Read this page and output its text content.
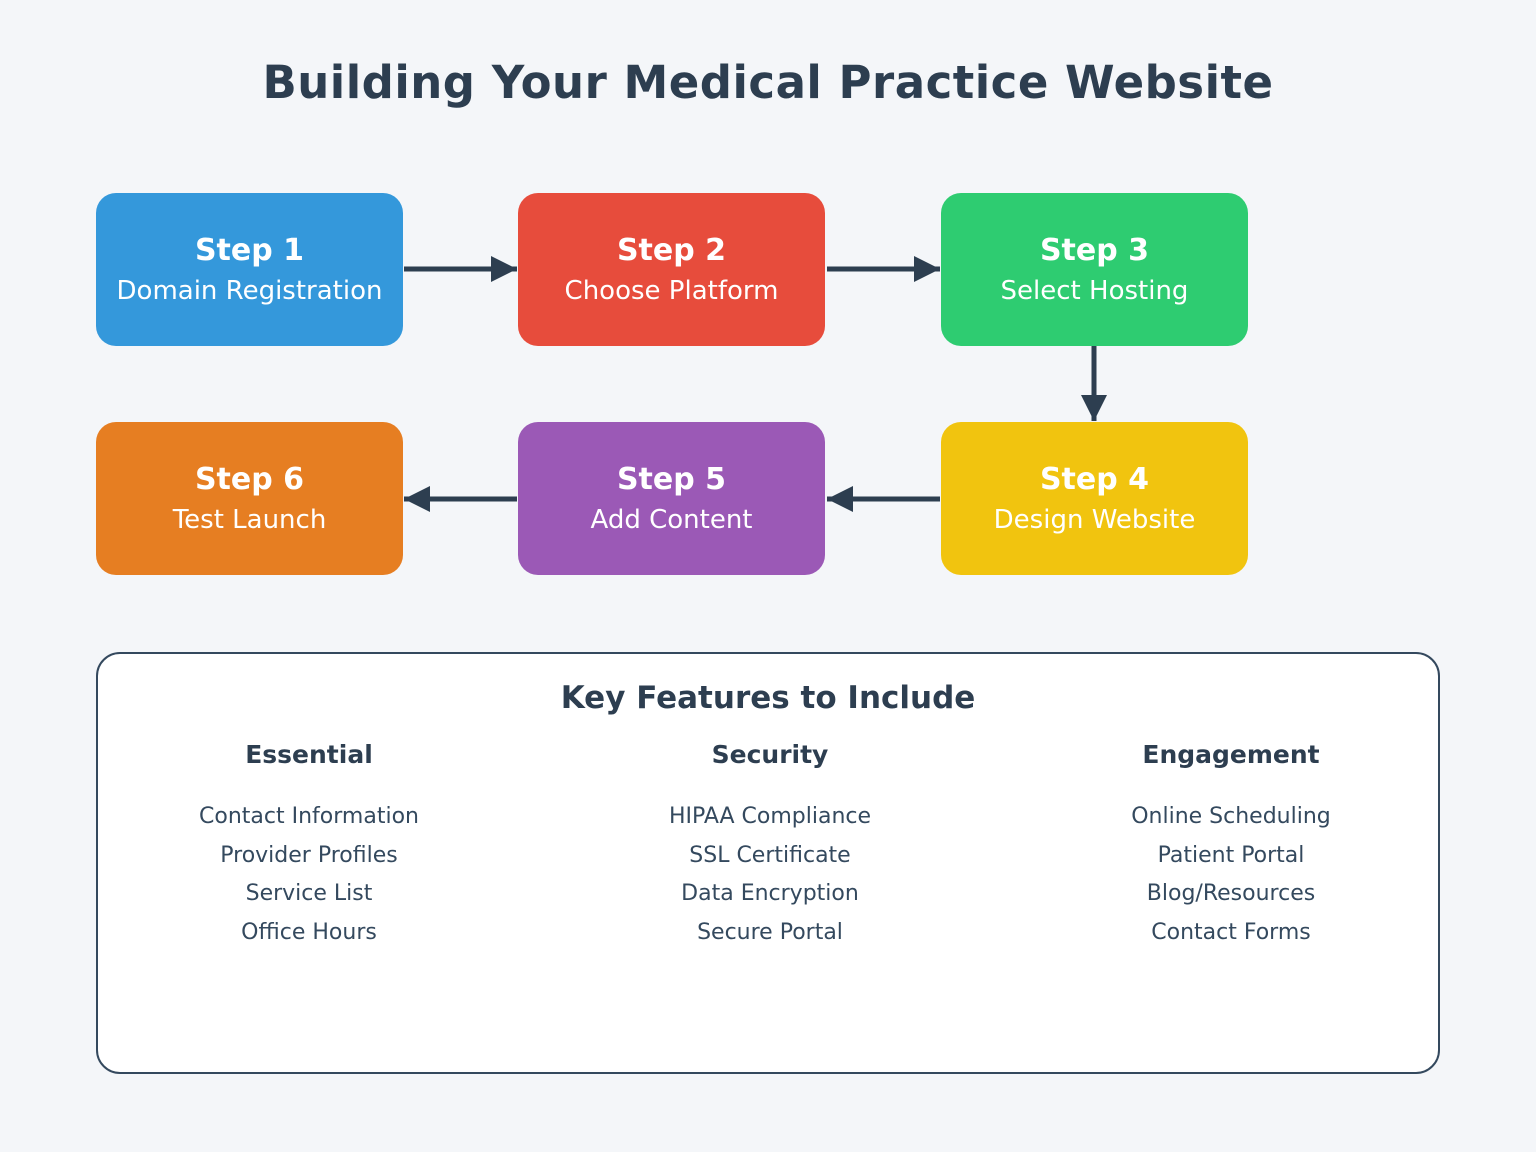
Building Your Medical Practice Website
Step 1
Domain Registration
Step 2
Choose Platform
Step 3
Select Hosting
Step 4
Design Website
Step 5
Add Content
Step 6
Test Launch
Key Features to Include
Essential
Contact Information
Provider Profiles
Service List
Office Hours
Security
HIPAA Compliance
SSL Certificate
Data Encryption
Secure Portal
Engagement
Online Scheduling
Patient Portal
Blog/Resources
Contact Forms
